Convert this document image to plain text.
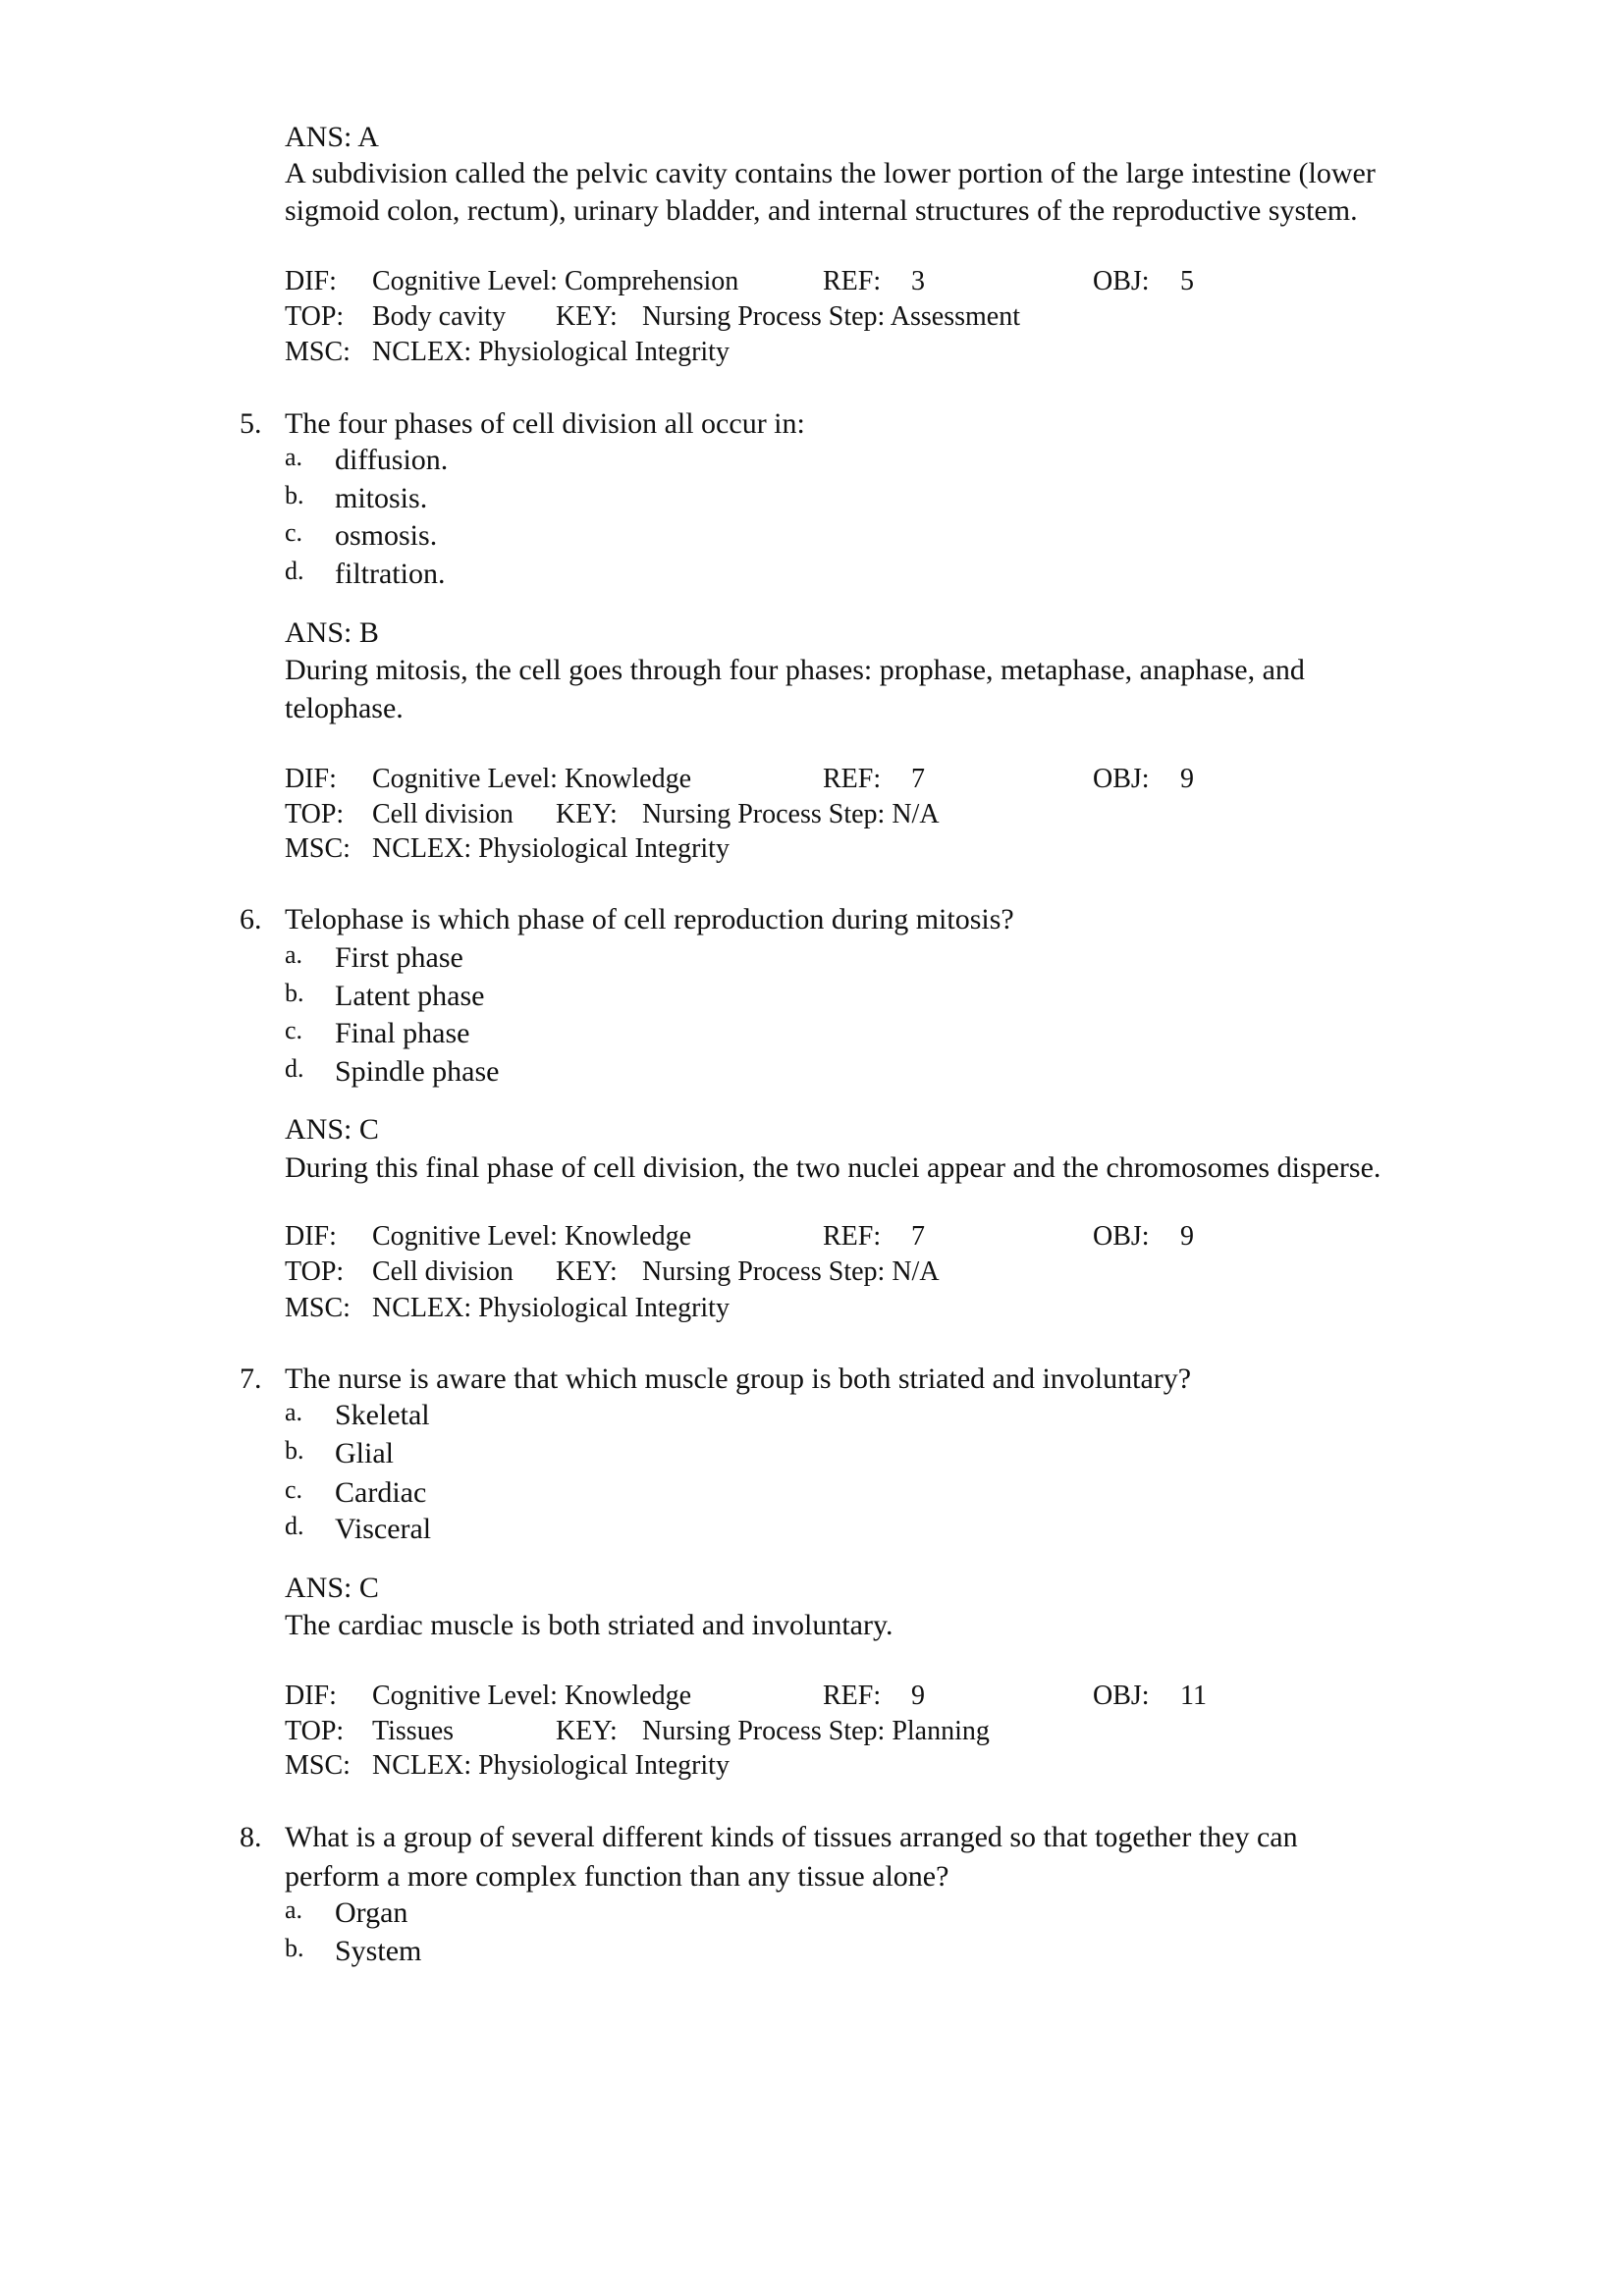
ANS: A
A subdivision called the pelvic cavity contains the lower portion of the large intestine (lower
sigmoid colon, rectum), urinary bladder, and internal structures of the reproductive system.
DIF: Cognitive Level: Comprehension	REF: 3	OBJ: 5
TOP: Body cavity KEY: Nursing Process Step: Assessment
MSC: NCLEX: Physiological Integrity
5. The four phases of cell division all occur in:
a. diffusion.
b. mitosis.
c. osmosis.
d. filtration.
ANS: B
During mitosis, the cell goes through four phases: prophase, metaphase, anaphase, and
telophase.
DIF: Cognitive Level: Knowledge	REF: 7	OBJ: 9
TOP: Cell division KEY: Nursing Process Step: N/A
MSC: NCLEX: Physiological Integrity
6. Telophase is which phase of cell reproduction during mitosis?
a. First phase
b. Latent phase
c. Final phase
d. Spindle phase
ANS: C
During this final phase of cell division, the two nuclei appear and the chromosomes disperse.
DIF: Cognitive Level: Knowledge	REF: 7	OBJ: 9
TOP: Cell division KEY: Nursing Process Step: N/A
MSC: NCLEX: Physiological Integrity
7. The nurse is aware that which muscle group is both striated and involuntary?
a. Skeletal
b. Glial
c. Cardiac
d. Visceral
ANS: C
The cardiac muscle is both striated and involuntary.
DIF: Cognitive Level: Knowledge	REF: 9	OBJ: 11
TOP: Tissues	KEY: Nursing Process Step: Planning
MSC: NCLEX: Physiological Integrity
8. What is a group of several different kinds of tissues arranged so that together they can
perform a more complex function than any tissue alone?
a. Organ
b. System
